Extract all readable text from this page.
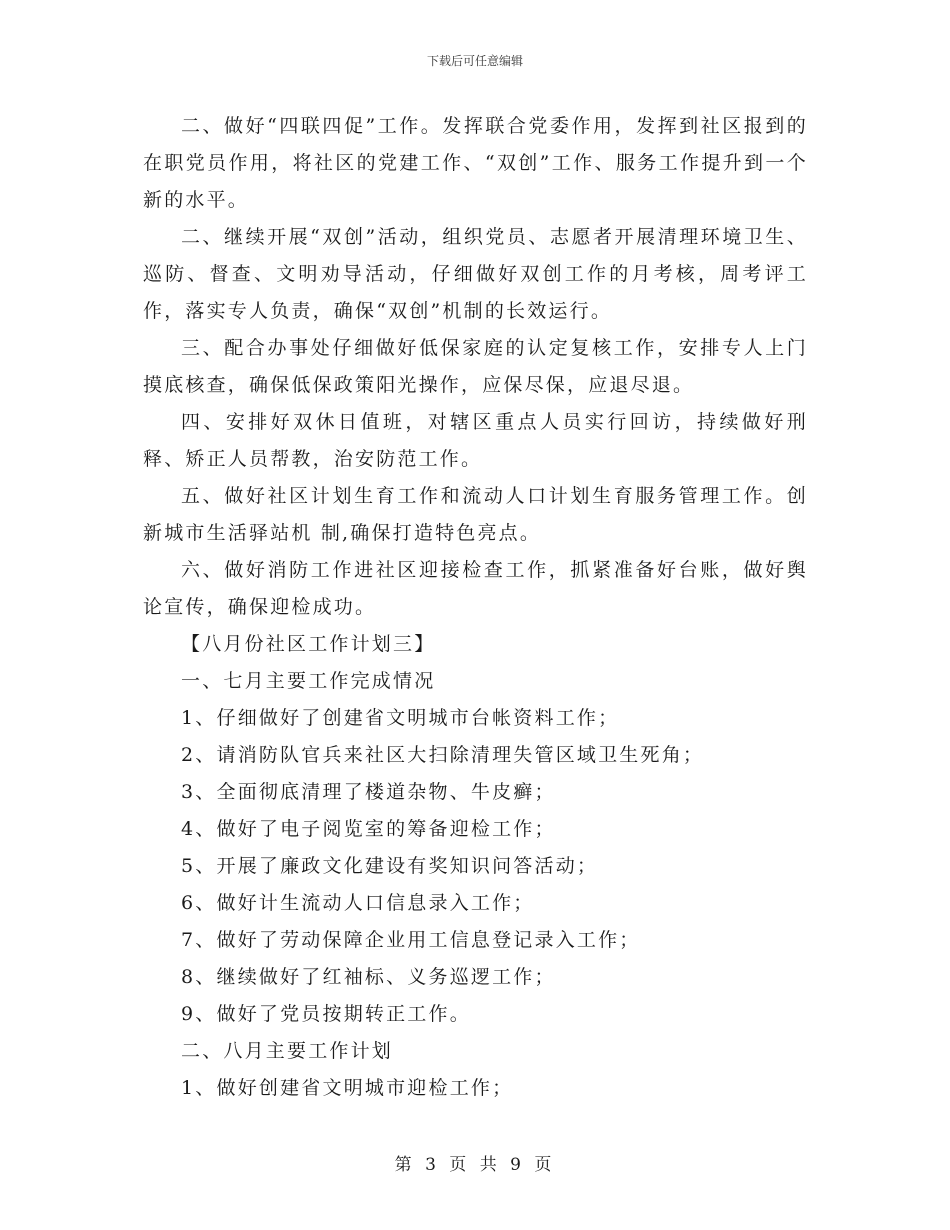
下载后可任意编辑

二、做好“四联四促”工作。发挥联合党委作用，发挥到社区报到的在职党员作用，将社区的党建工作、“双创”工作、服务工作提升到一个新的水平。

二、继续开展“双创”活动，组织党员、志愿者开展清理环境卫生、巡防、督查、文明劝导活动，仔细做好双创工作的月考核，周考评工作，落实专人负责，确保“双创”机制的长效运行。

三、配合办事处仔细做好低保家庭的认定复核工作，安排专人上门摸底核查，确保低保政策阳光操作，应保尽保，应退尽退。

四、安排好双休日值班，对辖区重点人员实行回访，持续做好刑释、矫正人员帮教，治安防范工作。

五、做好社区计划生育工作和流动人口计划生育服务管理工作。创新城市生活驿站机 制,确保打造特色亮点。

六、做好消防工作进社区迎接检查工作，抓紧准备好台账，做好舆论宣传，确保迎检成功。

【八月份社区工作计划三】

一、七月主要工作完成情况

1、仔细做好了创建省文明城市台帐资料工作；

2、请消防队官兵来社区大扫除清理失管区域卫生死角；

3、全面彻底清理了楼道杂物、牛皮癣；

4、做好了电子阅览室的筹备迎检工作；

5、开展了廉政文化建设有奖知识问答活动；

6、做好计生流动人口信息录入工作；

7、做好了劳动保障企业用工信息登记录入工作；

8、继续做好了红袖标、义务巡逻工作；

9、做好了党员按期转正工作。

二、八月主要工作计划

1、做好创建省文明城市迎检工作；

第 3 页 共 9 页
